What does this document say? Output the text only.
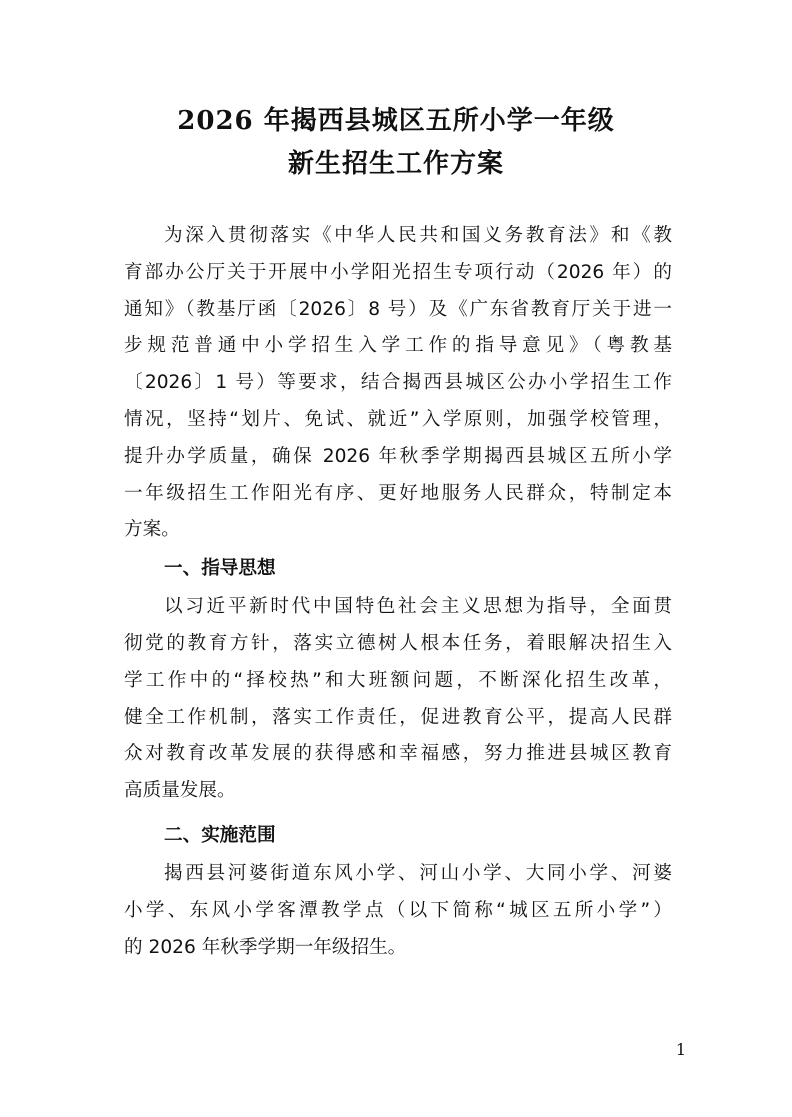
2026 年揭西县城区五所小学一年级
新生招生工作方案
为深入贯彻落实《中华人民共和国义务教育法》和《教
育部办公厅关于开展中小学阳光招生专项行动（2026 年）的
通知》（教基厅函〔2026〕8 号）及《广东省教育厅关于进一
步规范普通中小学招生入学工作的指导意见》（粤教基
〔2026〕1 号）等要求，结合揭西县城区公办小学招生工作
情况，坚持“划片、免试、就近”入学原则，加强学校管理，
提升办学质量，确保 2026 年秋季学期揭西县城区五所小学
一年级招生工作阳光有序、更好地服务人民群众，特制定本
方案。
一、指导思想
以习近平新时代中国特色社会主义思想为指导，全面贯
彻党的教育方针，落实立德树人根本任务，着眼解决招生入
学工作中的“择校热”和大班额问题，不断深化招生改革，
健全工作机制，落实工作责任，促进教育公平，提高人民群
众对教育改革发展的获得感和幸福感，努力推进县城区教育
高质量发展。
二、实施范围
揭西县河婆街道东风小学、河山小学、大同小学、河婆
小学、东风小学客潭教学点（以下简称“城区五所小学”）
的 2026 年秋季学期一年级招生。
1
